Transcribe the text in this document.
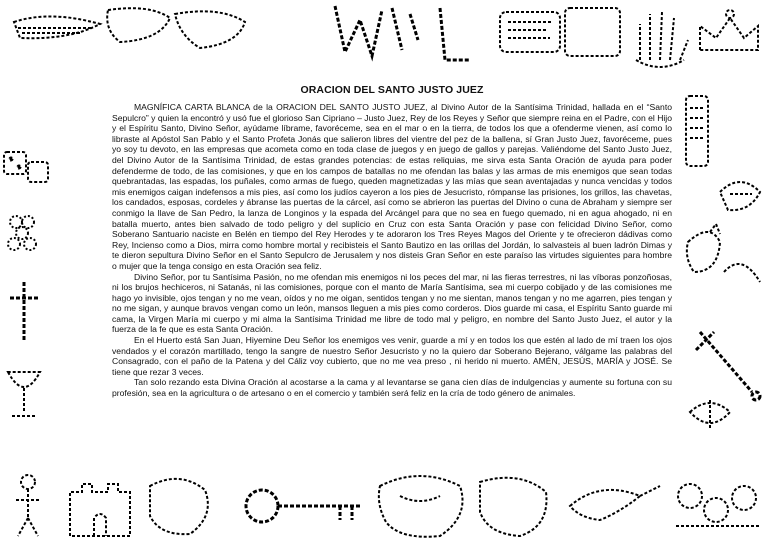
ORACION DEL SANTO JUSTO JUEZ

MAGNÍFICA CARTA BLANCA de la ORACION DEL SANTO JUSTO JUEZ, al Divino Autor de la Santísima Trinidad, hallada en el “Santo Sepulcro” y quien la encontró y usó fue el glorioso San Cipriano – Justo Juez, Rey de los Reyes y Señor que siempre reina en el Padre, con el Hijo y el Espíritu Santo, Divino Señor, ayúdame líbrame, favoréceme, sea en el mar o en la tierra, de todos los que a ofenderme vienen, así como lo libraste al Apóstol San Pablo y el Santo Profeta Jonás que salieron libres del vientre del pez de la ballena, sí Gran Justo Juez, favoréceme, pues yo soy tu devoto, en las empresas que acometa como en toda clase de juegos y en juego de gallos y parejas. Valiéndome del Santo Justo Juez, del Divino Autor de la Santísima Trinidad, de estas grandes potencias: de estas reliquias, me sirva esta Santa Oración de ayuda para poder defenderme de todo, de las comisiones, y que en los campos de batallas no me ofendan las balas y las armas de mis enemigos que sean todas quebrantadas, las espadas, los puñales, como armas de fuego, queden magnetizadas y las mías que sean aventajadas y nunca vencidas y todos mis enemigos caigan indefensos a mis pies, así como los judíos cayeron a los pies de Jesucristo, rómpanse las prisiones, los grillos, las chavetas, los candados, esposas, cordeles y ábranse las puertas de la cárcel, así como se abrieron las puertas del Divino o cuna de Abraham y siempre ser conmigo la llave de San Pedro, la lanza de Longinos y la espada del Arcángel para que no sea en fuego quemado, ni en agua ahogado, ni en batalla muerto, antes bien salvado de todo peligro y del suplicio en Cruz con esta Santa Oración y pase con felicidad Divino Señor, como Soberano Santuario naciste en Belén en tiempo del Rey Herodes y te adoraron los Tres Reyes Magos del Oriente y te ofrecieron dádivas como Rey, Incienso como a Dios, mirra como hombre mortal y recibisteis el Santo Bautizo en las orillas del Jordán, lo salvasteis al buen ladrón Dimas y te dieron sepultura Divino Señor en el Santo Sepulcro de Jerusalem y nos disteis Gran Señor en este paraíso las virtudes siguientes para hombre o mujer que la tenga consigo en esta Oración sea feliz.

Divino Señor, por tu Santísima Pasión, no me ofendan mis enemigos ni los peces del mar, ni las fieras terrestres, ni las víboras ponzoñosas, ni los brujos hechiceros, ni Satanás, ni las comisiones, porque con el manto de María Santísima, sea mi cuerpo cobijado y de las comisiones me hago yo invisible, ojos tengan y no me vean, oídos y no me oigan, sentidos tengan y no me sientan, manos tengan y no me agarren, pies tengan y no me sigan, y aunque bravos vengan como un león, mansos lleguen a mis pies como corderos. Dios guarde mi casa, el Espíritu Santo guarde mi cama, la Virgen María mi cuerpo y mi alma la Santísima Trinidad me libre de todo mal y peligro, en nombre del Santo Justo Juez, el autor y la fuerza de la fe que es esta Santa Oración.

En el Huerto está San Juan, Hiyemine Deu Señor los enemigos ves venir, guarde a mí y en todos los que estén al lado de mí traen los ojos vendados y el corazón martillado, tengo la sangre de nuestro Señor Jesucristo y no la quiero dar Soberano Bejerano, válgame las palabras del Consagrado, con el paño de la Patena y del Cáliz voy cubierto, que no me vea preso , ni herido ni muerto. AMÉN, JESÚS, MARÍA y JOSÉ. Se tiene que rezar 3 veces.

Tan solo rezando esta Divina Oración al acostarse a la cama y al levantarse se gana cien días de indulgencias y aumente su fortuna con su profesión, sea en la agricultura o de artesano o en el comercio y también será feliz en la cría de todo género de animales.
